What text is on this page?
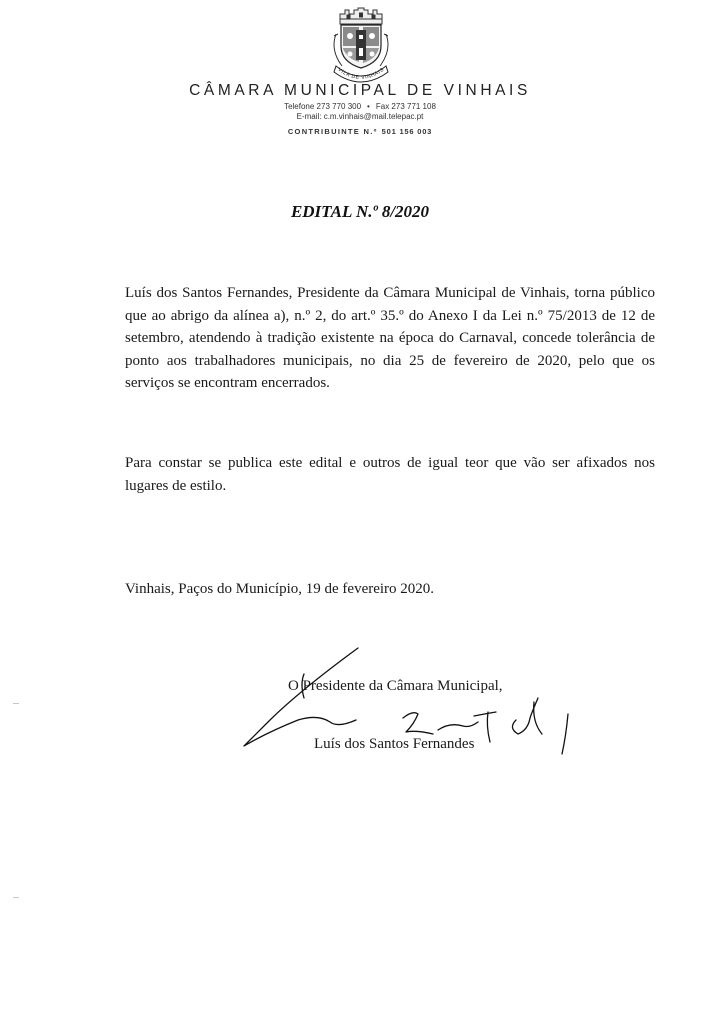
VILA DE VINHAIS
CÂMARA MUNICIPAL DE VINHAIS
Telefone 273 770 300 • Fax 273 771 108
E-mail: c.m.vinhais@mail.telepac.pt
CONTRIBUINTE N.º 501 156 003
EDITAL N.º 8/2020

Luís dos Santos Fernandes, Presidente da Câmara Municipal de Vinhais, torna público que ao abrigo da alínea a), n.º 2, do art.º 35.º do Anexo I da Lei n.º 75/2013 de 12 de setembro, atendendo à tradição existente na época do Carnaval, concede tolerância de ponto aos trabalhadores municipais, no dia 25 de fevereiro de 2020, pelo que os serviços se encontram encerrados.

Para constar se publica este edital e outros de igual teor que vão ser afixados nos lugares de estilo.

Vinhais, Paços do Município, 19 de fevereiro 2020.
O Presidente da Câmara Municipal,
Luís dos Santos Fernandes
